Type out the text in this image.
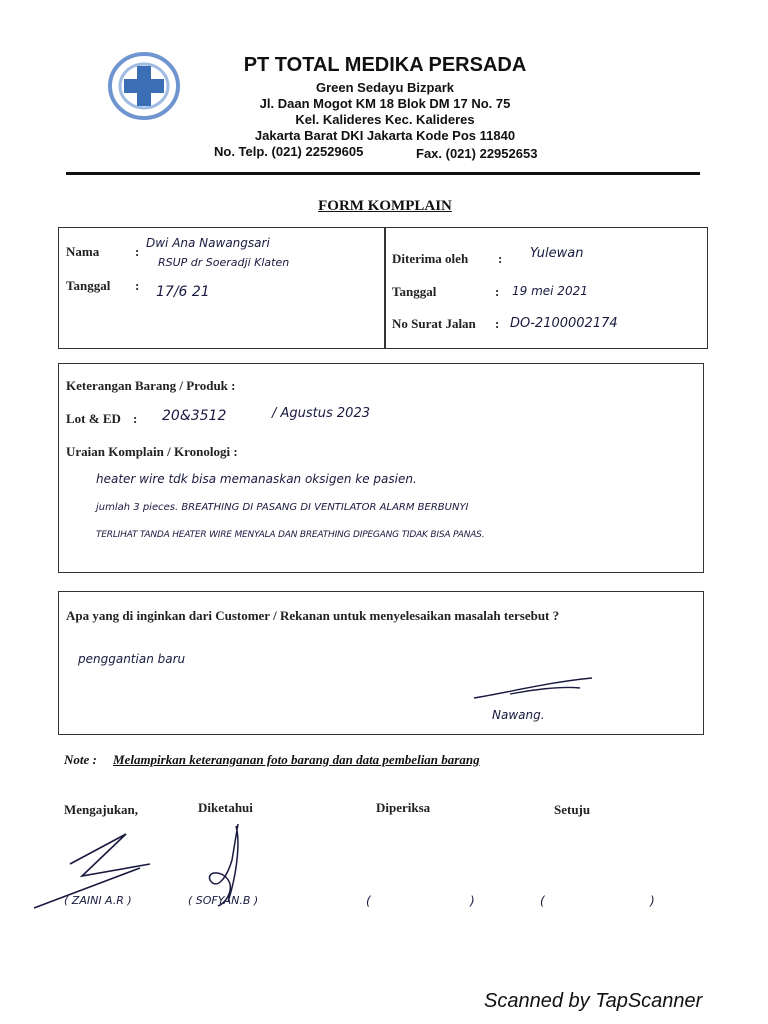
PT TOTAL MEDIKA PERSADA
Green Sedayu Bizpark
Jl. Daan Mogot KM 18 Blok DM 17 No. 75
Kel. Kalideres Kec. Kalideres
Jakarta Barat DKI Jakarta Kode Pos 11840
No. Telp. (021) 22529605	Fax. (021) 22952653
FORM KOMPLAIN
Nama	:
Dwi Ana Nawangsari
RSUP dr Soeradji Klaten
Tanggal : 17/6 21
Diterima oleh : Yulewan
Tanggal	: 19 mei 2021
No Surat Jalan : DO-2100002174
Keterangan Barang / Produk :
Lot & ED : 20&3512	/ Agustus 2023
Uraian Komplain / Kronologi :
heater wire tdk bisa memanaskan oksigen ke pasien.
jumlah 3 pieces. BREATHING DI PASANG DI VENTILATOR ALARM BERBUNYI
TERLIHAT TANDA HEATER WIRE MENYALA DAN BREATHING DIPEGANG TIDAK BISA PANAS.
Apa yang di inginkan dari Customer / Rekanan untuk menyelesaikan masalah tersebut ?
penggantian baru
Nawang.
Note : Melampirkan keteranganan foto barang dan data pembelian barang
Mengajukan,	Diketahui	Diperiksa	Setuju
( ZAINI A.R )	( SOFYAN.B )	(	)	(	)
Scanned by TapScanner
